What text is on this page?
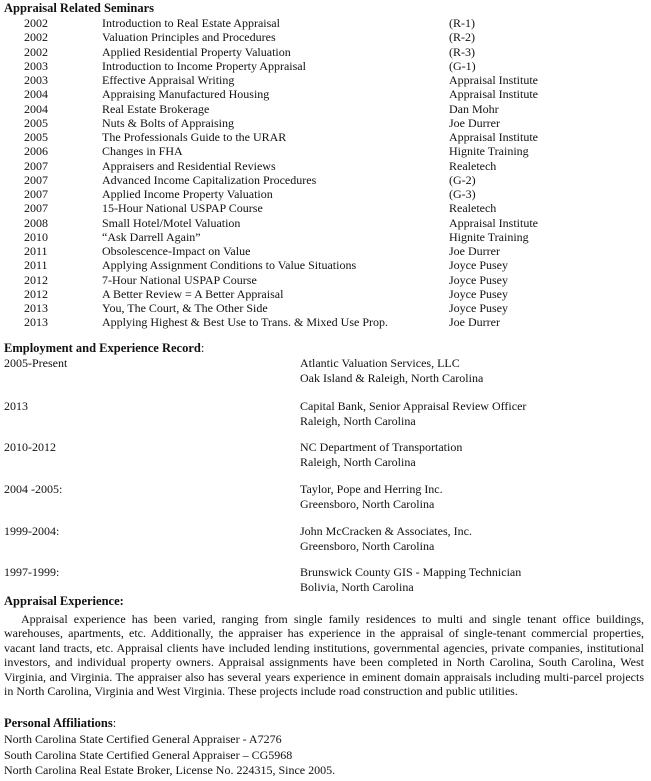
Appraisal Related Seminars
2002	Introduction to Real Estate Appraisal	(R-1)
2002	Valuation Principles and Procedures	(R-2)
2002	Applied Residential Property Valuation	(R-3)
2003	Introduction to Income Property Appraisal	(G-1)
2003	Effective Appraisal Writing	Appraisal Institute
2004	Appraising Manufactured Housing	Appraisal Institute
2004	Real Estate Brokerage	Dan Mohr
2005	Nuts & Bolts of Appraising	Joe Durrer
2005	The Professionals Guide to the URAR	Appraisal Institute
2006	Changes in FHA	Hignite Training
2007	Appraisers and Residential Reviews	Realetech
2007	Advanced Income Capitalization Procedures	(G-2)
2007	Applied Income Property Valuation	(G-3)
2007	15-Hour National USPAP Course	Realetech
2008	Small Hotel/Motel Valuation	Appraisal Institute
2010	“Ask Darrell Again”	Hignite Training
2011	Obsolescence-Impact on Value	Joe Durrer
2011	Applying Assignment Conditions to Value Situations	Joyce Pusey
2012	7-Hour National USPAP Course	Joyce Pusey
2012	A Better Review = A Better Appraisal	Joyce Pusey
2013	You, The Court, & The Other Side	Joyce Pusey
2013	Applying Highest & Best Use to Trans. & Mixed Use Prop.	Joe Durrer
Employment and Experience Record:
2005-Present	Atlantic Valuation Services, LLC
Oak Island & Raleigh, North Carolina
2013	Capital Bank, Senior Appraisal Review Officer
Raleigh, North Carolina
2010-2012	NC Department of Transportation
Raleigh, North Carolina
2004 -2005:	Taylor, Pope and Herring Inc.
Greensboro, North Carolina
1999-2004:	John McCracken & Associates, Inc.
Greensboro, North Carolina
1997-1999:	Brunswick County GIS - Mapping Technician
Bolivia, North Carolina
Appraisal Experience:
Appraisal experience has been varied, ranging from single family residences to multi and single tenant office buildings, warehouses, apartments, etc. Additionally, the appraiser has experience in the appraisal of single-tenant commercial properties, vacant land tracts, etc. Appraisal clients have included lending institutions, governmental agencies, private companies, institutional investors, and individual property owners. Appraisal assignments have been completed in North Carolina, South Carolina, West Virginia, and Virginia. The appraiser also has several years experience in eminent domain appraisals including multi-parcel projects in North Carolina, Virginia and West Virginia. These projects include road construction and public utilities.
Personal Affiliations:
North Carolina State Certified General Appraiser - A7276
South Carolina State Certified General Appraiser – CG5968
North Carolina Real Estate Broker, License No. 224315, Since 2005.
